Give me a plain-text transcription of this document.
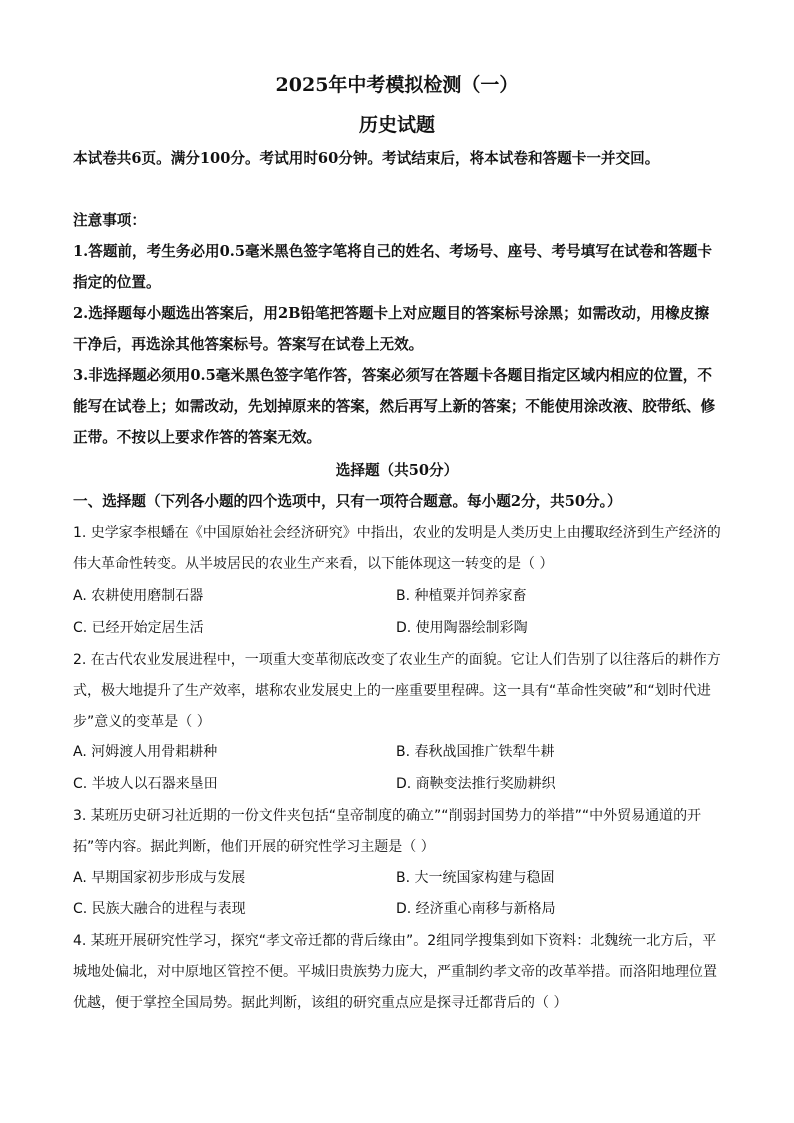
2025年中考模拟检测（一）
历史试题

本试卷共6页。满分100分。考试用时60分钟。考试结束后，将本试卷和答题卡一并交回。

注意事项：

1.答题前，考生务必用0.5毫米黑色签字笔将自己的姓名、考场号、座号、考号填写在试卷和答题卡指定的位置。

2.选择题每小题选出答案后，用2B铅笔把答题卡上对应题目的答案标号涂黑；如需改动，用橡皮擦干净后，再选涂其他答案标号。答案写在试卷上无效。

3.非选择题必须用0.5毫米黑色签字笔作答，答案必须写在答题卡各题目指定区域内相应的位置，不能写在试卷上；如需改动，先划掉原来的答案，然后再写上新的答案；不能使用涂改液、胶带纸、修正带。不按以上要求作答的答案无效。

选择题（共50分）

一、选择题（下列各小题的四个选项中，只有一项符合题意。每小题2分，共50分。）

1. 史学家李根蟠在《中国原始社会经济研究》中指出，农业的发明是人类历史上由攫取经济到生产经济的伟大革命性转变。从半坡居民的农业生产来看，以下能体现这一转变的是（ ）

A. 农耕使用磨制石器	B. 种植粟并饲养家畜
C. 已经开始定居生活	D. 使用陶器绘制彩陶

2. 在古代农业发展进程中，一项重大变革彻底改变了农业生产的面貌。它让人们告别了以往落后的耕作方式，极大地提升了生产效率，堪称农业发展史上的一座重要里程碑。这一具有“革命性突破”和“划时代进步”意义的变革是（ ）

A. 河姆渡人用骨耜耕种	B. 春秋战国推广铁犁牛耕
C. 半坡人以石器来垦田	D. 商鞅变法推行奖励耕织

3. 某班历史研习社近期的一份文件夹包括“皇帝制度的确立”“削弱封国势力的举措”“中外贸易通道的开拓”等内容。据此判断，他们开展的研究性学习主题是（ ）

A. 早期国家初步形成与发展	B. 大一统国家构建与稳固
C. 民族大融合的进程与表现	D. 经济重心南移与新格局

4. 某班开展研究性学习，探究“孝文帝迁都的背后缘由”。2组同学搜集到如下资料：北魏统一北方后，平城地处偏北，对中原地区管控不便。平城旧贵族势力庞大，严重制约孝文帝的改革举措。而洛阳地理位置优越，便于掌控全国局势。据此判断，该组的研究重点应是探寻迁都背后的（ ）
